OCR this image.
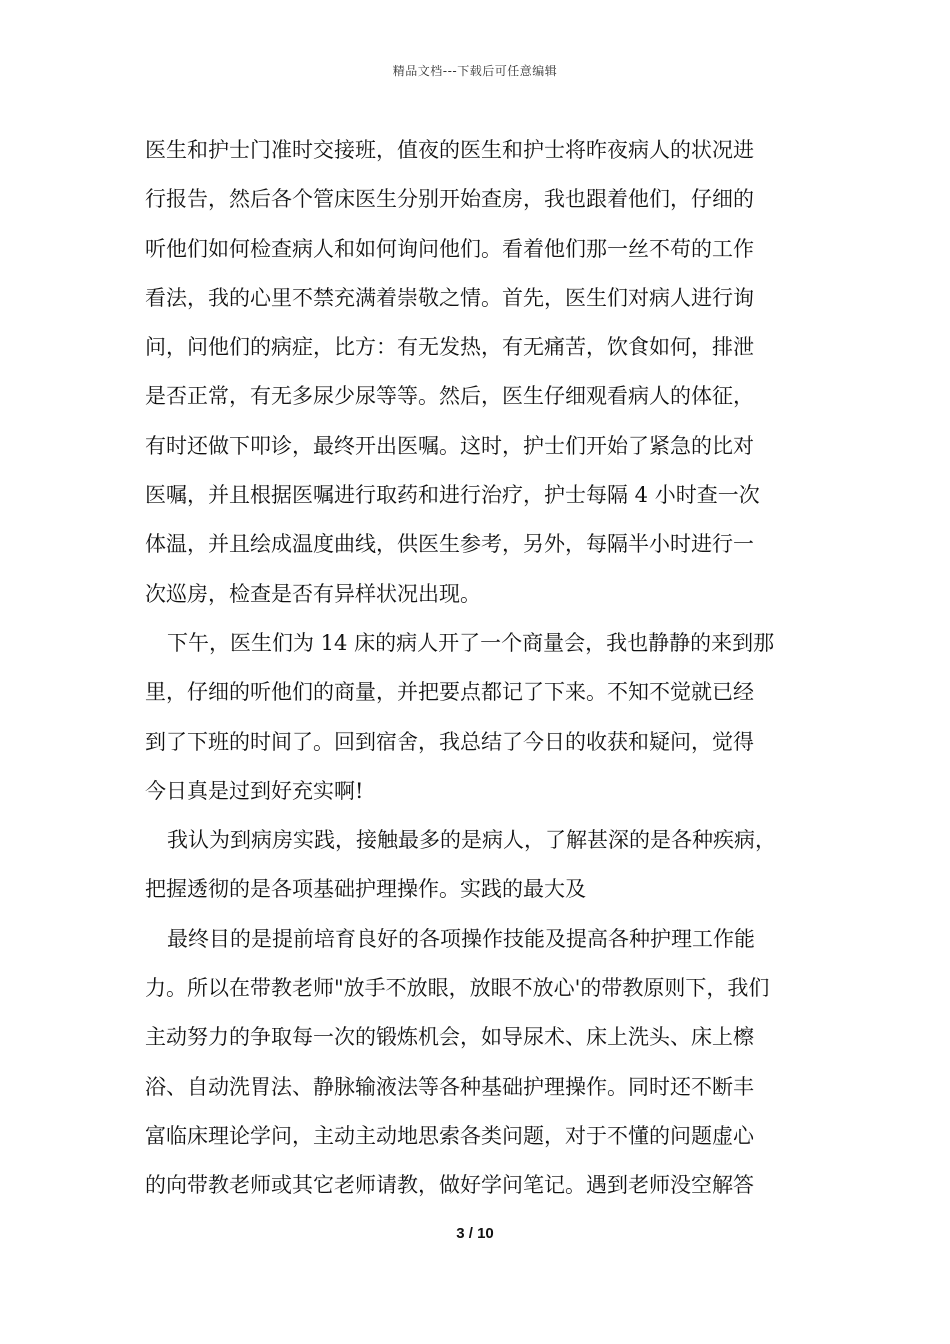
精品文档---下载后可任意编辑
医生和护士门准时交接班，值夜的医生和护士将昨夜病人的状况进
行报告，然后各个管床医生分别开始查房，我也跟着他们，仔细的
听他们如何检查病人和如何询问他们。看着他们那一丝不苟的工作
看法，我的心里不禁充满着崇敬之情。首先，医生们对病人进行询
问，问他们的病症，比方：有无发热，有无痛苦，饮食如何，排泄
是否正常，有无多尿少尿等等。然后，医生仔细观看病人的体征，
有时还做下叩诊，最终开出医嘱。这时，护士们开始了紧急的比对
医嘱，并且根据医嘱进行取药和进行治疗，护士每隔 4 小时查一次
体温，并且绘成温度曲线，供医生参考，另外，每隔半小时进行一
次巡房，检查是否有异样状况出现。
下午，医生们为 14 床的病人开了一个商量会，我也静静的来到那
里，仔细的听他们的商量，并把要点都记了下来。不知不觉就已经
到了下班的时间了。回到宿舍，我总结了今日的收获和疑问，觉得
今日真是过到好充实啊!
我认为到病房实践，接触最多的是病人，了解甚深的是各种疾病，
把握透彻的是各项基础护理操作。实践的最大及
最终目的是提前培育良好的各项操作技能及提高各种护理工作能
力。所以在带教老师"放手不放眼，放眼不放心'的带教原则下，我们
主动努力的争取每一次的锻炼机会，如导尿术、床上洗头、床上檫
浴、自动洗胃法、静脉输液法等各种基础护理操作。同时还不断丰
富临床理论学问，主动主动地思索各类问题，对于不懂的问题虚心
的向带教老师或其它老师请教，做好学问笔记。遇到老师没空解答
3 / 10
